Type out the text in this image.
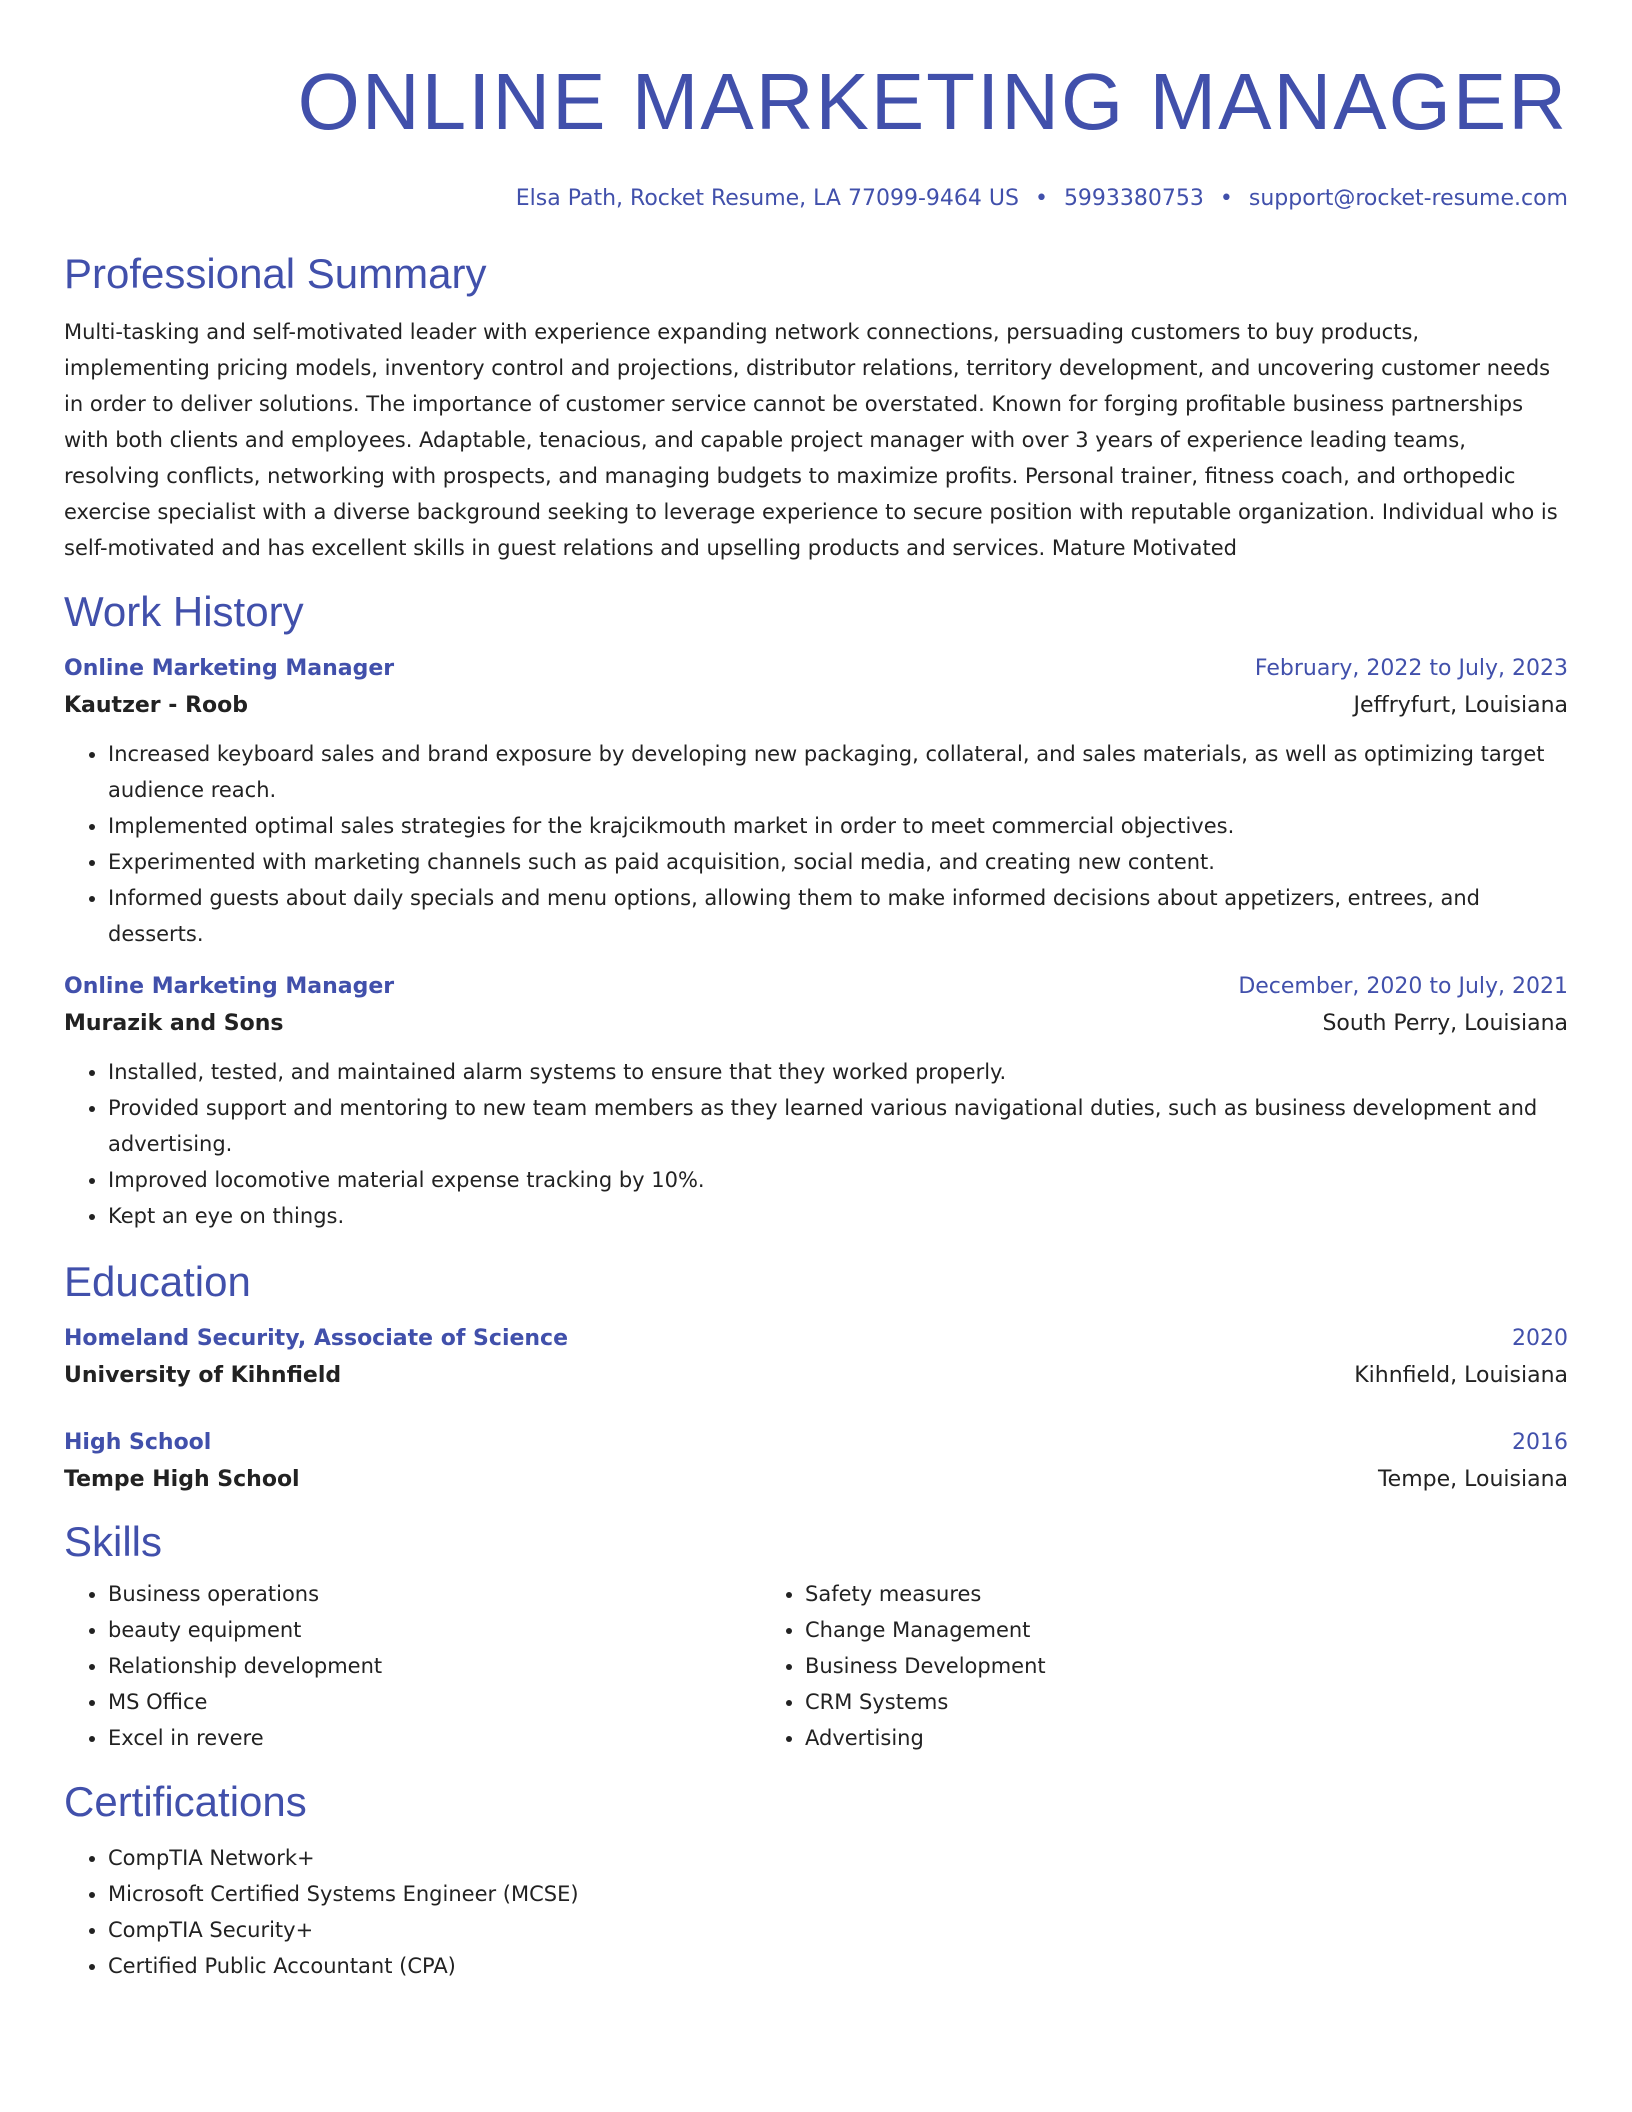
ONLINE MARKETING MANAGER
Elsa Path, Rocket Resume, LA 77099-9464 US • 5993380753 • support@rocket-resume.com
Professional Summary
Multi-tasking and self-motivated leader with experience expanding network connections, persuading customers to buy products, implementing pricing models, inventory control and projections, distributor relations, territory development, and uncovering customer needs in order to deliver solutions. The importance of customer service cannot be overstated. Known for forging profitable business partnerships with both clients and employees. Adaptable, tenacious, and capable project manager with over 3 years of experience leading teams, resolving conflicts, networking with prospects, and managing budgets to maximize profits. Personal trainer, fitness coach, and orthopedic exercise specialist with a diverse background seeking to leverage experience to secure position with reputable organization. Individual who is self-motivated and has excellent skills in guest relations and upselling products and services. Mature Motivated
Work History
Online Marketing Manager	February, 2022 to July, 2023
Kautzer - Roob	Jeffryfurt, Louisiana
• Increased keyboard sales and brand exposure by developing new packaging, collateral, and sales materials, as well as optimizing target audience reach.
• Implemented optimal sales strategies for the krajcikmouth market in order to meet commercial objectives.
• Experimented with marketing channels such as paid acquisition, social media, and creating new content.
• Informed guests about daily specials and menu options, allowing them to make informed decisions about appetizers, entrees, and desserts.
Online Marketing Manager	December, 2020 to July, 2021
Murazik and Sons	South Perry, Louisiana
• Installed, tested, and maintained alarm systems to ensure that they worked properly.
• Provided support and mentoring to new team members as they learned various navigational duties, such as business development and advertising.
• Improved locomotive material expense tracking by 10%.
• Kept an eye on things.
Education
Homeland Security, Associate of Science	2020
University of Kihnfield	Kihnfield, Louisiana
High School	2016
Tempe High School	Tempe, Louisiana
Skills
• Business operations
• beauty equipment
• Relationship development
• MS Office
• Excel in revere
• Safety measures
• Change Management
• Business Development
• CRM Systems
• Advertising
Certifications
• CompTIA Network+
• Microsoft Certified Systems Engineer (MCSE)
• CompTIA Security+
• Certified Public Accountant (CPA)
